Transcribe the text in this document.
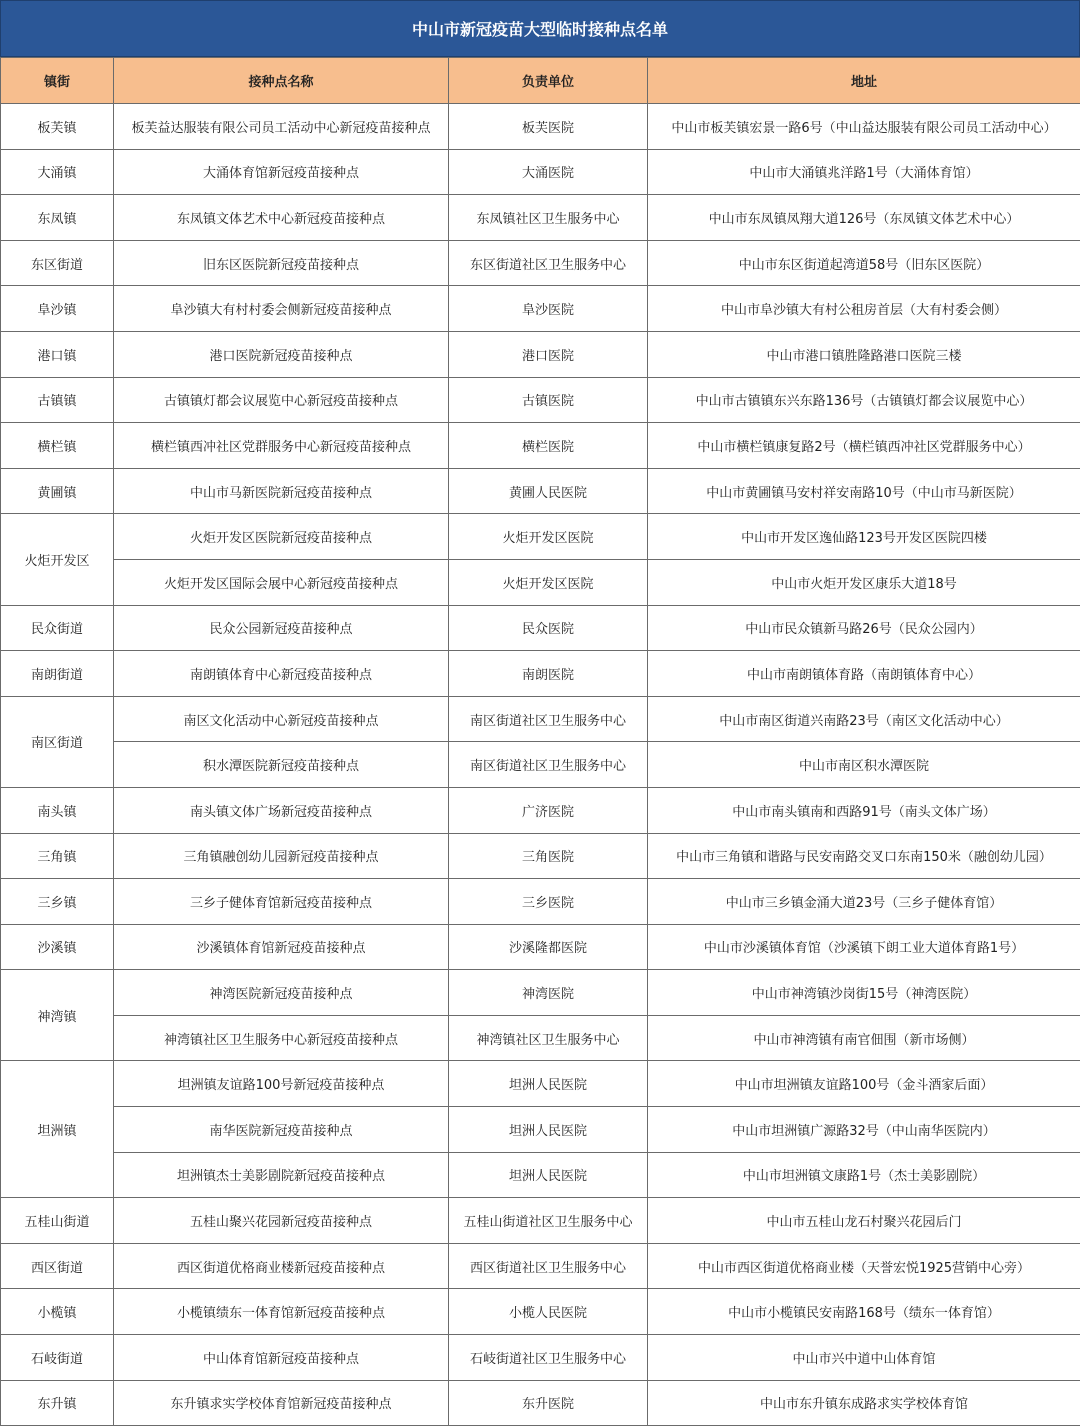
中山市新冠疫苗大型临时接种点名单
镇街	接种点名称	负责单位	地址
板芙镇	板芙益达服装有限公司员工活动中心新冠疫苗接种点	板芙医院	中山市板芙镇宏景一路6号（中山益达服装有限公司员工活动中心）
大涌镇	大涌体育馆新冠疫苗接种点	大涌医院	中山市大涌镇兆洋路1号（大涌体育馆）
东凤镇	东凤镇文体艺术中心新冠疫苗接种点	东凤镇社区卫生服务中心	中山市东凤镇凤翔大道126号（东凤镇文体艺术中心）
东区街道	旧东区医院新冠疫苗接种点	东区街道社区卫生服务中心	中山市东区街道起湾道58号（旧东区医院）
阜沙镇	阜沙镇大有村村委会侧新冠疫苗接种点	阜沙医院	中山市阜沙镇大有村公租房首层（大有村委会侧）
港口镇	港口医院新冠疫苗接种点	港口医院	中山市港口镇胜隆路港口医院三楼
古镇镇	古镇镇灯都会议展览中心新冠疫苗接种点	古镇医院	中山市古镇镇东兴东路136号（古镇镇灯都会议展览中心）
横栏镇	横栏镇西冲社区党群服务中心新冠疫苗接种点	横栏医院	中山市横栏镇康复路2号（横栏镇西冲社区党群服务中心）
黄圃镇	中山市马新医院新冠疫苗接种点	黄圃人民医院	中山市黄圃镇马安村祥安南路10号（中山市马新医院）
火炬开发区	火炬开发区医院新冠疫苗接种点	火炬开发区医院	中山市开发区逸仙路123号开发区医院四楼
	火炬开发区国际会展中心新冠疫苗接种点	火炬开发区医院	中山市火炬开发区康乐大道18号
民众街道	民众公园新冠疫苗接种点	民众医院	中山市民众镇新马路26号（民众公园内）
南朗街道	南朗镇体育中心新冠疫苗接种点	南朗医院	中山市南朗镇体育路（南朗镇体育中心）
南区街道	南区文化活动中心新冠疫苗接种点	南区街道社区卫生服务中心	中山市南区街道兴南路23号（南区文化活动中心）
	积水潭医院新冠疫苗接种点	南区街道社区卫生服务中心	中山市南区积水潭医院
南头镇	南头镇文体广场新冠疫苗接种点	广济医院	中山市南头镇南和西路91号（南头文体广场）
三角镇	三角镇融创幼儿园新冠疫苗接种点	三角医院	中山市三角镇和谐路与民安南路交叉口东南150米（融创幼儿园）
三乡镇	三乡子健体育馆新冠疫苗接种点	三乡医院	中山市三乡镇金涌大道23号（三乡子健体育馆）
沙溪镇	沙溪镇体育馆新冠疫苗接种点	沙溪隆都医院	中山市沙溪镇体育馆（沙溪镇下朗工业大道体育路1号）
神湾镇	神湾医院新冠疫苗接种点	神湾医院	中山市神湾镇沙岗街15号（神湾医院）
	神湾镇社区卫生服务中心新冠疫苗接种点	神湾镇社区卫生服务中心	中山市神湾镇有南官佃围（新市场侧）
坦洲镇	坦洲镇友谊路100号新冠疫苗接种点	坦洲人民医院	中山市坦洲镇友谊路100号（金斗酒家后面）
	南华医院新冠疫苗接种点	坦洲人民医院	中山市坦洲镇广源路32号（中山南华医院内）
	坦洲镇杰士美影剧院新冠疫苗接种点	坦洲人民医院	中山市坦洲镇文康路1号（杰士美影剧院）
五桂山街道	五桂山聚兴花园新冠疫苗接种点	五桂山街道社区卫生服务中心	中山市五桂山龙石村聚兴花园后门
西区街道	西区街道优格商业楼新冠疫苗接种点	西区街道社区卫生服务中心	中山市西区街道优格商业楼（天誉宏悦1925营销中心旁）
小榄镇	小榄镇绩东一体育馆新冠疫苗接种点	小榄人民医院	中山市小榄镇民安南路168号（绩东一体育馆）
石岐街道	中山体育馆新冠疫苗接种点	石岐街道社区卫生服务中心	中山市兴中道中山体育馆
东升镇	东升镇求实学校体育馆新冠疫苗接种点	东升医院	中山市东升镇东成路求实学校体育馆
